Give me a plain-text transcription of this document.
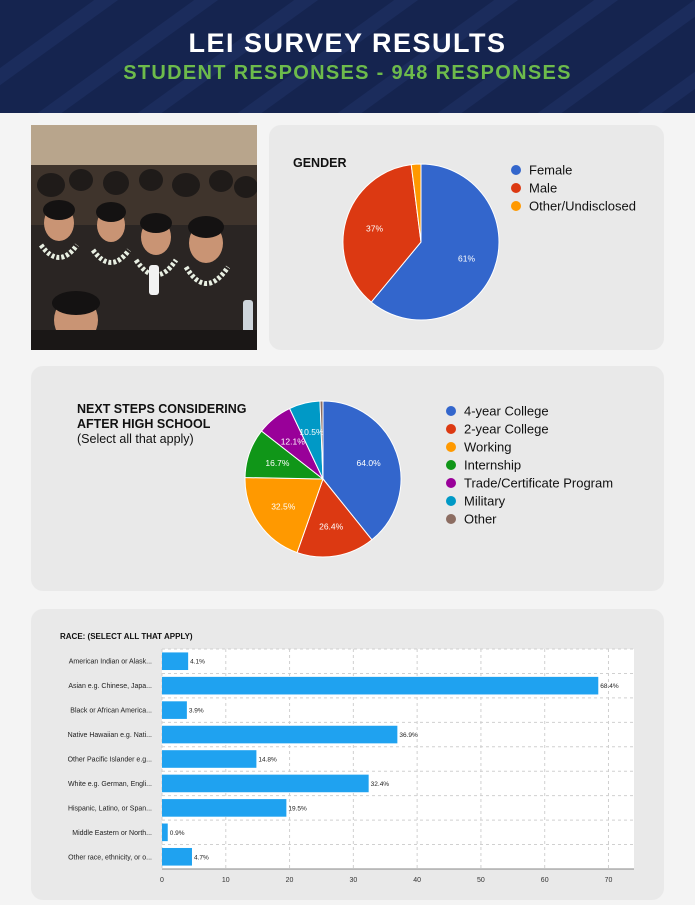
LEI SURVEY RESULTS
STUDENT RESPONSES - 948 RESPONSES
GENDER
61%
37%
Female
Male
Other/Undisclosed
NEXT STEPS CONSIDERING
AFTER HIGH SCHOOL
(Select all that apply)
64.0%
26.4%
32.5%
16.7%
12.1%
10.5%
4-year College
2-year College
Working
Internship
Trade/Certificate Program
Military
Other
RACE: (SELECT ALL THAT APPLY)
American Indian or Alask...
Asian e.g. Chinese, Japa...
Black or African America...
Native Hawaiian e.g. Nati...
Other Pacific Islander e.g...
White e.g. German, Engli...
Hispanic, Latino, or Span...
Middle Eastern or North...
Other race, ethnicity, or o...
4.1%
68.4%
3.9%
36.9%
14.8%
32.4%
19.5%
0.9%
4.7%
0	10	20	30	40	50	60	70
